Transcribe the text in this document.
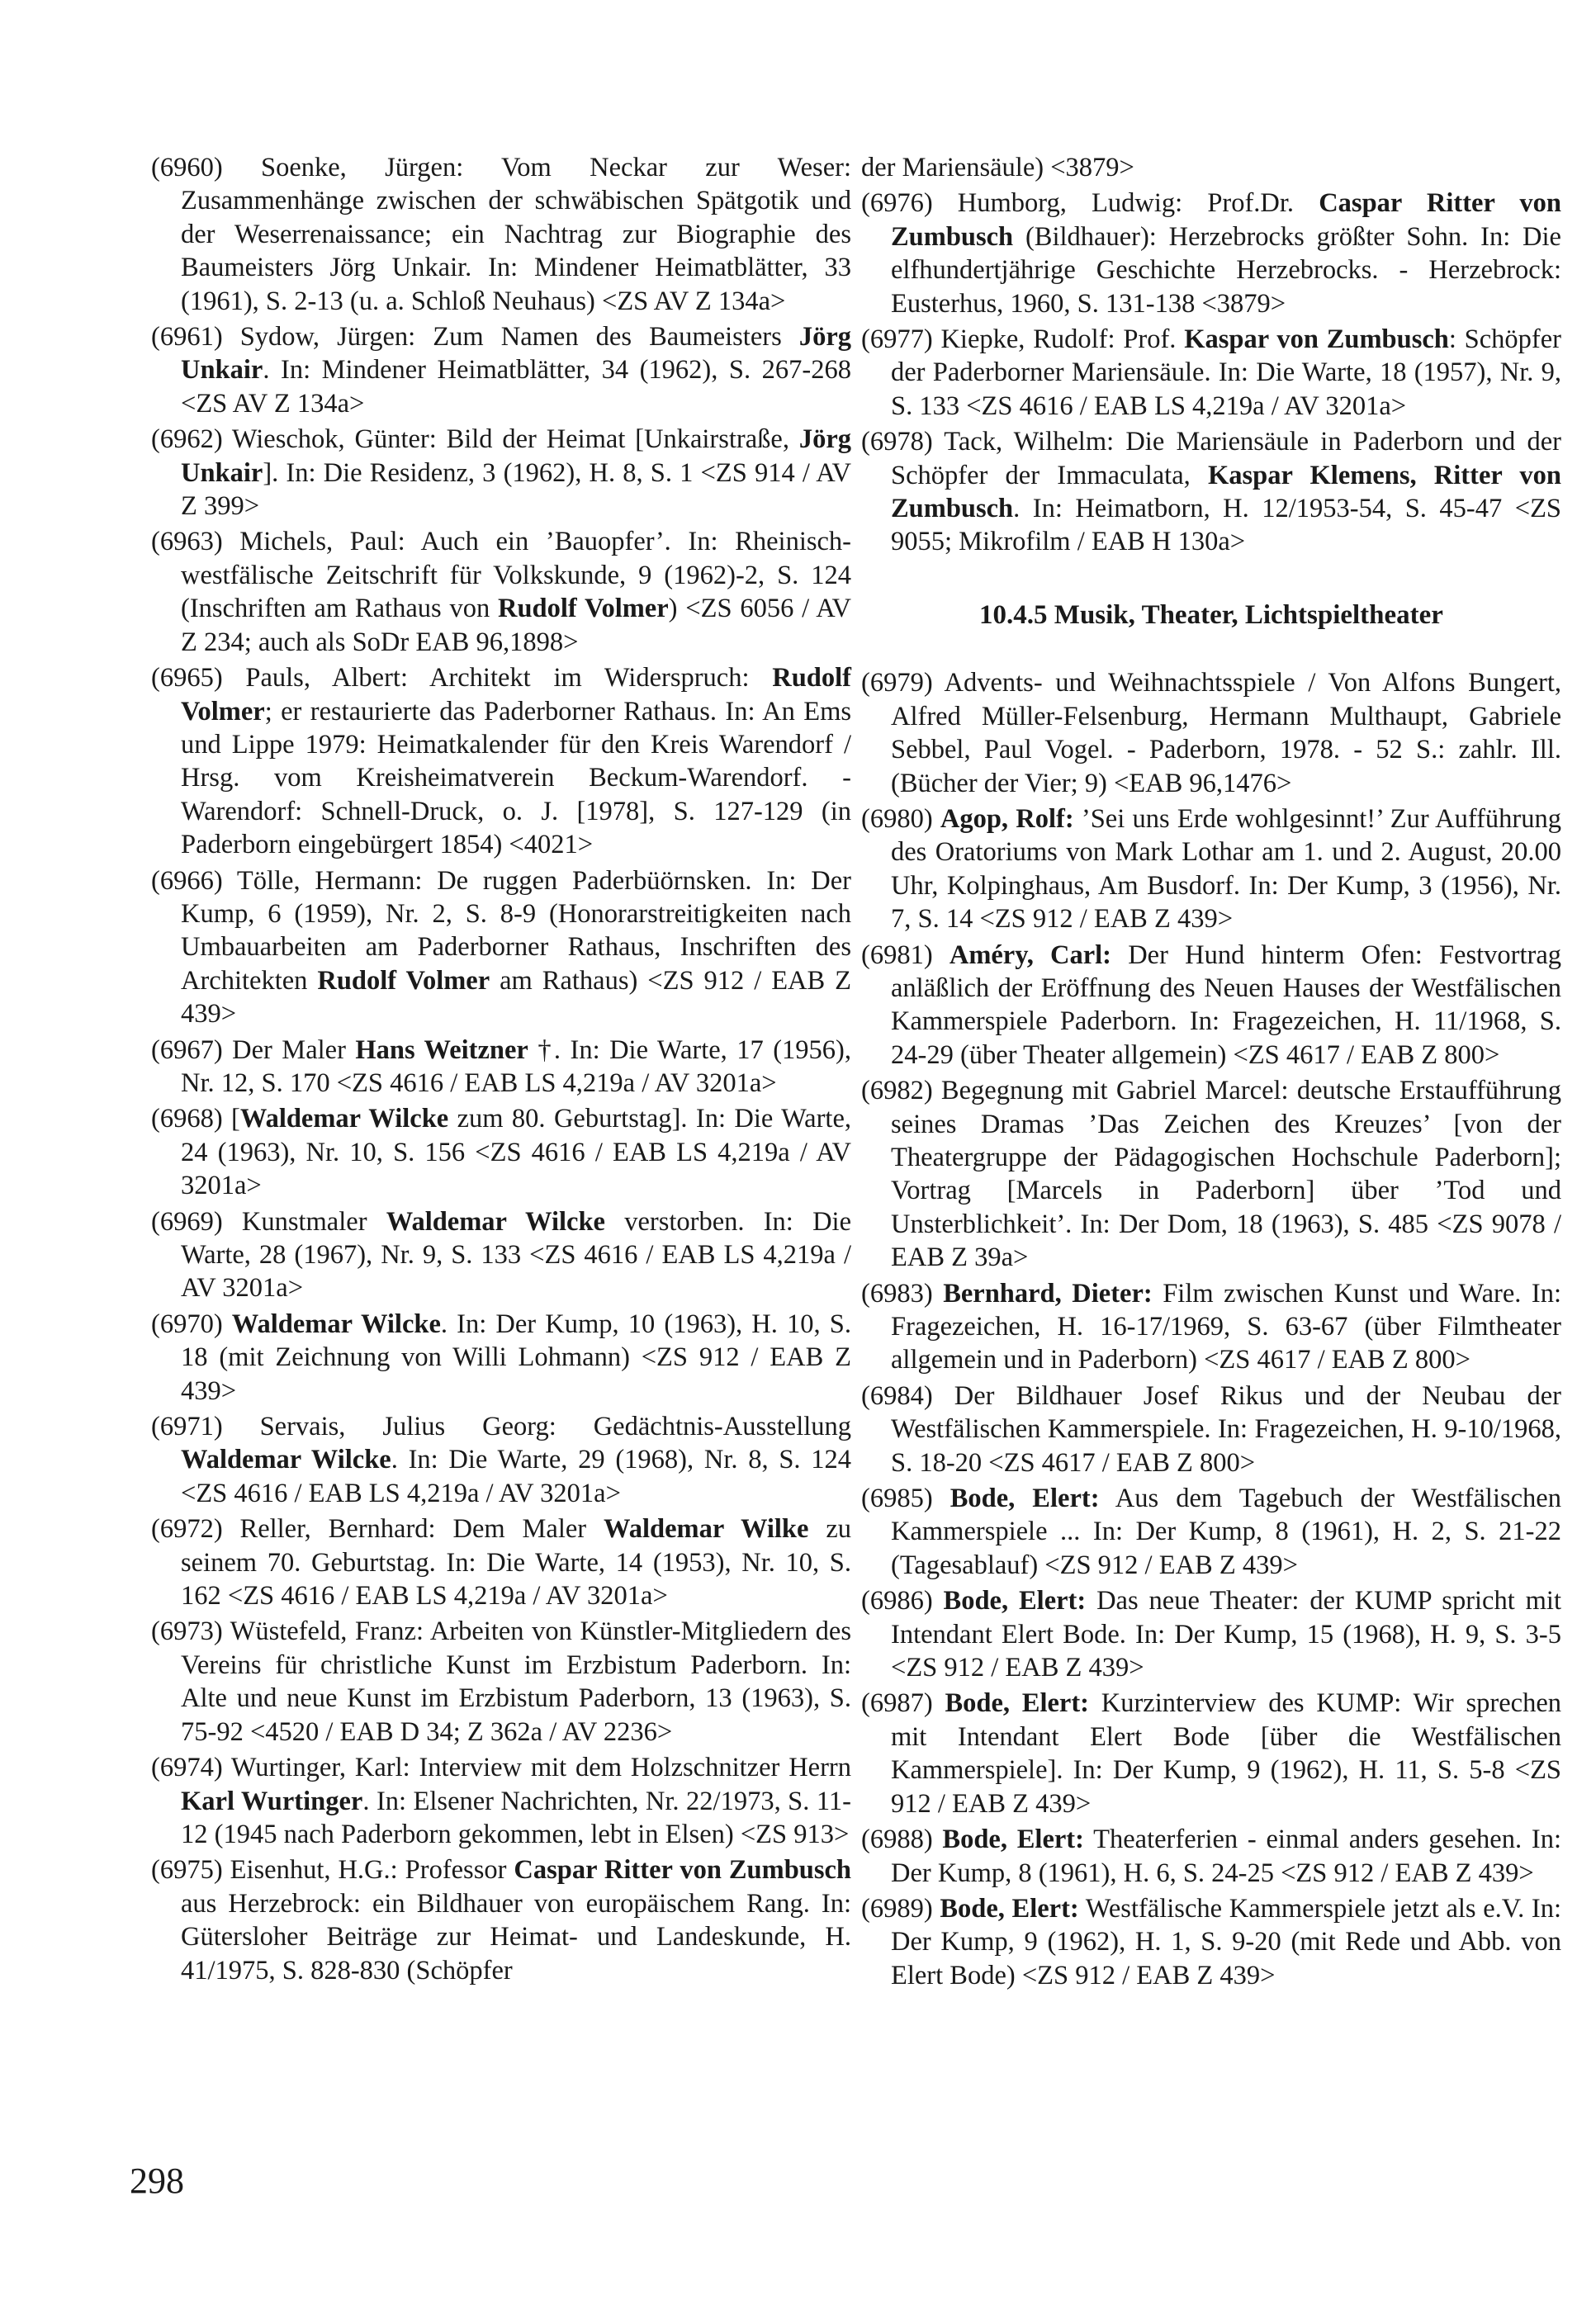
(6960) Soenke, Jürgen: Vom Neckar zur Weser: Zusammenhänge zwischen der schwäbischen Spätgotik und der Weserrenaissance; ein Nachtrag zur Biographie des Baumeisters Jörg Unkair. In: Mindener Heimatblätter, 33 (1961), S. 2-13 (u. a. Schloß Neuhaus) <ZS AV Z 134a>

(6961) Sydow, Jürgen: Zum Namen des Baumeisters Jörg Unkair. In: Mindener Heimatblätter, 34 (1962), S. 267-268 <ZS AV Z 134a>

(6962) Wieschok, Günter: Bild der Heimat [Unkairstraße, Jörg Unkair]. In: Die Residenz, 3 (1962), H. 8, S. 1 <ZS 914 / AV Z 399>

(6963) Michels, Paul: Auch ein ’Bauopfer’. In: Rheinisch-westfälische Zeitschrift für Volkskunde, 9 (1962)-2, S. 124 (Inschriften am Rathaus von Rudolf Volmer) <ZS 6056 / AV Z 234; auch als SoDr EAB 96,1898>

(6965) Pauls, Albert: Architekt im Widerspruch: Rudolf Volmer; er restaurierte das Paderborner Rathaus. In: An Ems und Lippe 1979: Heimatkalender für den Kreis Warendorf / Hrsg. vom Kreisheimatverein Beckum-Warendorf. - Warendorf: Schnell-Druck, o. J. [1978], S. 127-129 (in Paderborn eingebürgert 1854) <4021>

(6966) Tölle, Hermann: De ruggen Paderbüörnsken. In: Der Kump, 6 (1959), Nr. 2, S. 8-9 (Honorarstreitigkeiten nach Umbauarbeiten am Paderborner Rathaus, Inschriften des Architekten Rudolf Volmer am Rathaus) <ZS 912 / EAB Z 439>

(6967) Der Maler Hans Weitzner †. In: Die Warte, 17 (1956), Nr. 12, S. 170 <ZS 4616 / EAB LS 4,219a / AV 3201a>

(6968) [Waldemar Wilcke zum 80. Geburtstag]. In: Die Warte, 24 (1963), Nr. 10, S. 156 <ZS 4616 / EAB LS 4,219a / AV 3201a>

(6969) Kunstmaler Waldemar Wilcke verstorben. In: Die Warte, 28 (1967), Nr. 9, S. 133 <ZS 4616 / EAB LS 4,219a / AV 3201a>

(6970) Waldemar Wilcke. In: Der Kump, 10 (1963), H. 10, S. 18 (mit Zeichnung von Willi Lohmann) <ZS 912 / EAB Z 439>

(6971) Servais, Julius Georg: Gedächtnis-Ausstellung Waldemar Wilcke. In: Die Warte, 29 (1968), Nr. 8, S. 124 <ZS 4616 / EAB LS 4,219a / AV 3201a>

(6972) Reller, Bernhard: Dem Maler Waldemar Wilke zu seinem 70. Geburtstag. In: Die Warte, 14 (1953), Nr. 10, S. 162 <ZS 4616 / EAB LS 4,219a / AV 3201a>

(6973) Wüstefeld, Franz: Arbeiten von Künstler-Mitgliedern des Vereins für christliche Kunst im Erzbistum Paderborn. In: Alte und neue Kunst im Erzbistum Paderborn, 13 (1963), S. 75-92 <4520 / EAB D 34; Z 362a / AV 2236>

(6974) Wurtinger, Karl: Interview mit dem Holzschnitzer Herrn Karl Wurtinger. In: Elsener Nachrichten, Nr. 22/1973, S. 11-12 (1945 nach Paderborn gekommen, lebt in Elsen) <ZS 913>

(6975) Eisenhut, H.G.: Professor Caspar Ritter von Zumbusch aus Herzebrock: ein Bildhauer von europäischem Rang. In: Gütersloher Beiträge zur Heimat- und Landeskunde, H. 41/1975, S. 828-830 (Schöpfer

der Mariensäule) <3879>

(6976) Humborg, Ludwig: Prof.Dr. Caspar Ritter von Zumbusch (Bildhauer): Herzebrocks größter Sohn. In: Die elfhundertjährige Geschichte Herzebrocks. - Herzebrock: Eusterhus, 1960, S. 131-138 <3879>

(6977) Kiepke, Rudolf: Prof. Kaspar von Zumbusch: Schöpfer der Paderborner Mariensäule. In: Die Warte, 18 (1957), Nr. 9, S. 133 <ZS 4616 / EAB LS 4,219a / AV 3201a>

(6978) Tack, Wilhelm: Die Mariensäule in Paderborn und der Schöpfer der Immaculata, Kaspar Klemens, Ritter von Zumbusch. In: Heimatborn, H. 12/1953-54, S. 45-47 <ZS 9055; Mikrofilm / EAB H 130a>

10.4.5 Musik, Theater, Lichtspieltheater

(6979) Advents- und Weihnachtsspiele / Von Alfons Bungert, Alfred Müller-Felsenburg, Hermann Multhaupt, Gabriele Sebbel, Paul Vogel. - Paderborn, 1978. - 52 S.: zahlr. Ill. (Bücher der Vier; 9) <EAB 96,1476>

(6980) Agop, Rolf: ’Sei uns Erde wohlgesinnt!’ Zur Aufführung des Oratoriums von Mark Lothar am 1. und 2. August, 20.00 Uhr, Kolpinghaus, Am Busdorf. In: Der Kump, 3 (1956), Nr. 7, S. 14 <ZS 912 / EAB Z 439>

(6981) Améry, Carl: Der Hund hinterm Ofen: Festvortrag anläßlich der Eröffnung des Neuen Hauses der Westfälischen Kammerspiele Paderborn. In: Fragezeichen, H. 11/1968, S. 24-29 (über Theater allgemein) <ZS 4617 / EAB Z 800>

(6982) Begegnung mit Gabriel Marcel: deutsche Erstaufführung seines Dramas ’Das Zeichen des Kreuzes’ [von der Theatergruppe der Pädagogischen Hochschule Paderborn]; Vortrag [Marcels in Paderborn] über ’Tod und Unsterblichkeit’. In: Der Dom, 18 (1963), S. 485 <ZS 9078 / EAB Z 39a>

(6983) Bernhard, Dieter: Film zwischen Kunst und Ware. In: Fragezeichen, H. 16-17/1969, S. 63-67 (über Filmtheater allgemein und in Paderborn) <ZS 4617 / EAB Z 800>

(6984) Der Bildhauer Josef Rikus und der Neubau der Westfälischen Kammerspiele. In: Fragezeichen, H. 9-10/1968, S. 18-20 <ZS 4617 / EAB Z 800>

(6985) Bode, Elert: Aus dem Tagebuch der Westfälischen Kammerspiele ... In: Der Kump, 8 (1961), H. 2, S. 21-22 (Tagesablauf) <ZS 912 / EAB Z 439>

(6986) Bode, Elert: Das neue Theater: der KUMP spricht mit Intendant Elert Bode. In: Der Kump, 15 (1968), H. 9, S. 3-5 <ZS 912 / EAB Z 439>

(6987) Bode, Elert: Kurzinterview des KUMP: Wir sprechen mit Intendant Elert Bode [über die Westfälischen Kammerspiele]. In: Der Kump, 9 (1962), H. 11, S. 5-8 <ZS 912 / EAB Z 439>

(6988) Bode, Elert: Theaterferien - einmal anders gesehen. In: Der Kump, 8 (1961), H. 6, S. 24-25 <ZS 912 / EAB Z 439>

(6989) Bode, Elert: Westfälische Kammerspiele jetzt als e.V. In: Der Kump, 9 (1962), H. 1, S. 9-20 (mit Rede und Abb. von Elert Bode) <ZS 912 / EAB Z 439>

298
